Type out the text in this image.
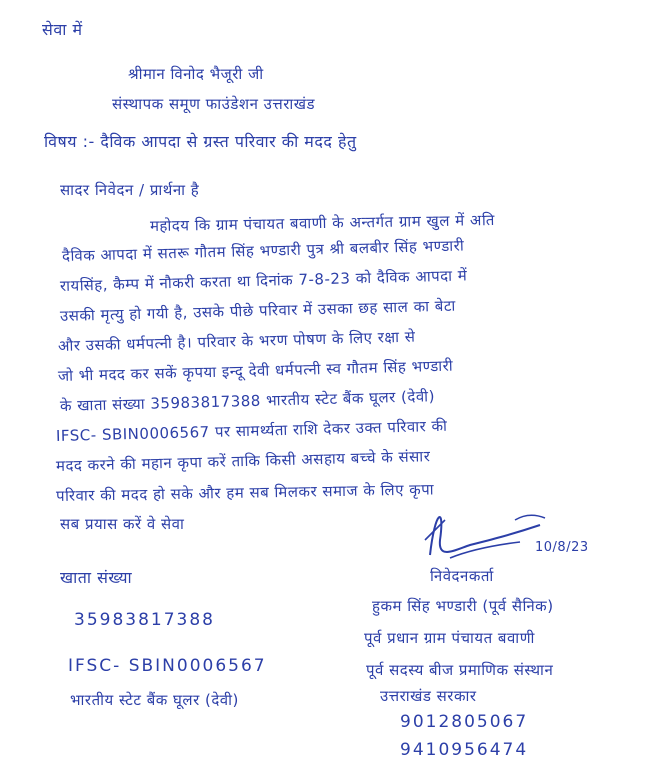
सेवा में
श्रीमान विनोद भैजूरी जी
संस्थापक समूण फाउंडेशन उत्तराखंड
विषय :- दैविक आपदा से ग्रस्त परिवार की मदद हेतु
सादर निवेदन / प्रार्थना है
महोदय कि ग्राम पंचायत बवाणी के अन्तर्गत ग्राम खुल में अति
दैविक आपदा में सतरू गौतम सिंह भण्डारी पुत्र श्री बलबीर सिंह भण्डारी
रायसिंह, कैम्प में नौकरी करता था दिनांक 7-8-23 को दैविक आपदा में
उसकी मृत्यु हो गयी है, उसके पीछे परिवार में उसका छह साल का बेटा
और उसकी धर्मपत्नी है। परिवार के भरण पोषण के लिए रक्षा से
जो भी मदद कर सकें कृपया इन्दू देवी धर्मपत्नी स्व गौतम सिंह भण्डारी
के खाता संख्या 35983817388 भारतीय स्टेट बैंक घूलर (देवी)
IFSC- SBIN0006567 पर सामर्थ्यता राशि देकर उक्त परिवार की
मदद करने की महान कृपा करें ताकि किसी असहाय बच्चे के संसार
परिवार की मदद हो सके और हम सब मिलकर समाज के लिए कृपा
सब प्रयास करें वे सेवा
10/8/23
निवेदनकर्ता
खाता संख्या
35983817388
IFSC- SBIN0006567
भारतीय स्टेट बैंक घूलर (देवी)
हुकम सिंह भण्डारी (पूर्व सैनिक)
पूर्व प्रधान ग्राम पंचायत बवाणी
पूर्व सदस्य बीज प्रमाणिक संस्थान
उत्तराखंड सरकार
9012805067
9410956474
